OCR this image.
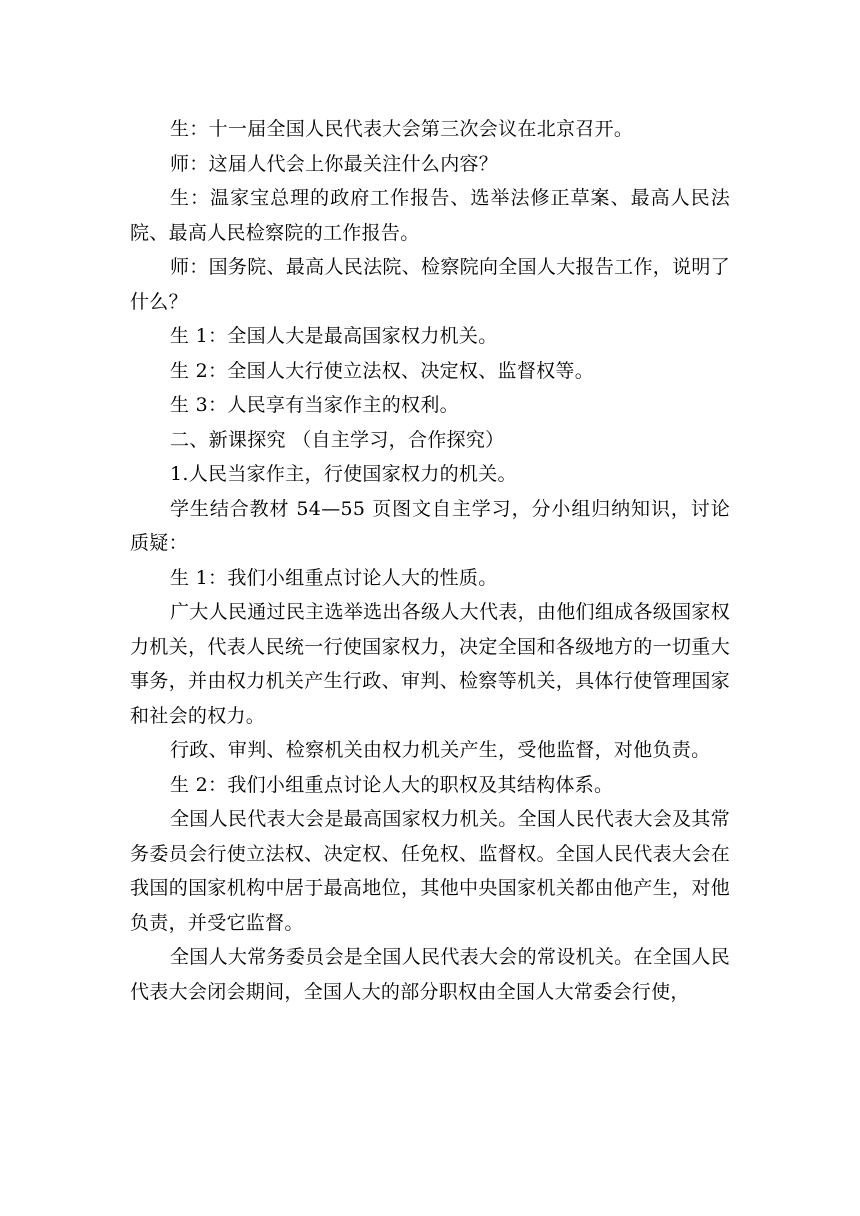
生：十一届全国人民代表大会第三次会议在北京召开。

师：这届人代会上你最关注什么内容？

生：温家宝总理的政府工作报告、选举法修正草案、最高人民法院、最高人民检察院的工作报告。

师：国务院、最高人民法院、检察院向全国人大报告工作，说明了什么？

生 1：全国人大是最高国家权力机关。

生 2：全国人大行使立法权、决定权、监督权等。

生 3：人民享有当家作主的权利。

二、新课探究 （自主学习，合作探究）

1.人民当家作主，行使国家权力的机关。

学生结合教材 54—55 页图文自主学习，分小组归纳知识，讨论质疑：

生 1：我们小组重点讨论人大的性质。

广大人民通过民主选举选出各级人大代表，由他们组成各级国家权力机关，代表人民统一行使国家权力，决定全国和各级地方的一切重大事务，并由权力机关产生行政、审判、检察等机关，具体行使管理国家和社会的权力。

行政、审判、检察机关由权力机关产生，受他监督，对他负责。

生 2：我们小组重点讨论人大的职权及其结构体系。

全国人民代表大会是最高国家权力机关。全国人民代表大会及其常务委员会行使立法权、决定权、任免权、监督权。全国人民代表大会在我国的国家机构中居于最高地位，其他中央国家机关都由他产生，对他负责，并受它监督。

全国人大常务委员会是全国人民代表大会的常设机关。在全国人民代表大会闭会期间，全国人大的部分职权由全国人大常委会行使，
